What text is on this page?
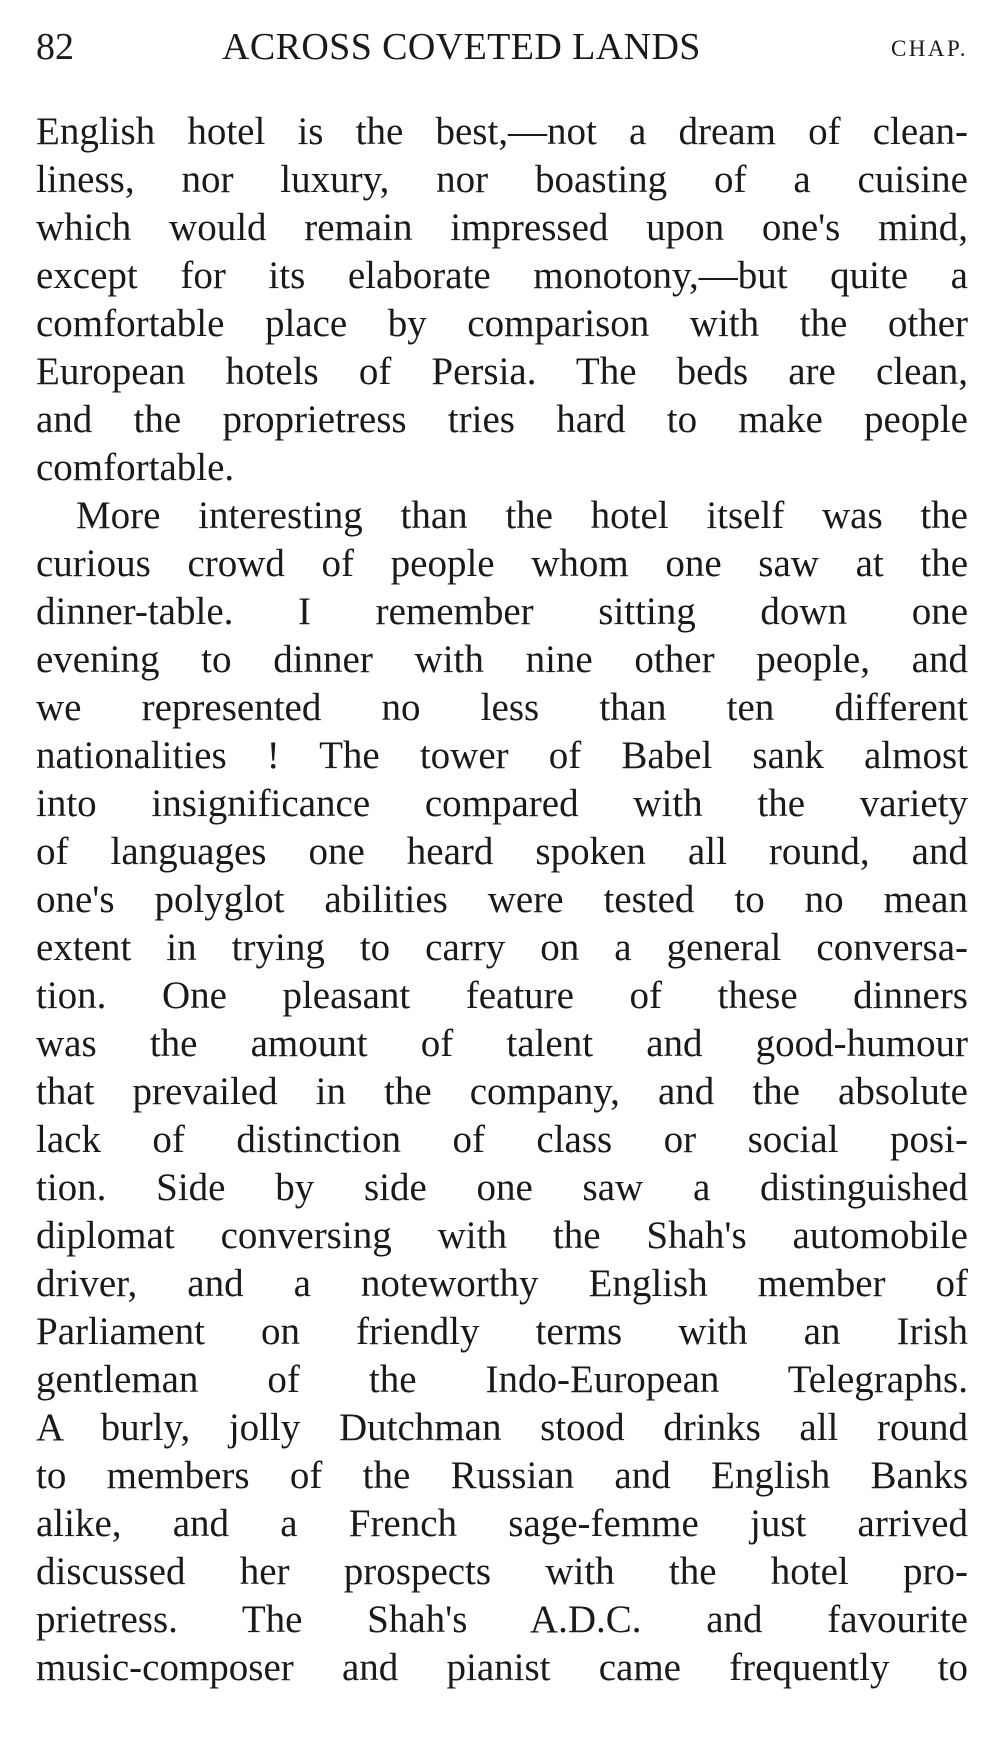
82	ACROSS COVETED LANDS	CHAP.
English hotel is the best,—not a dream of clean-
liness, nor luxury, nor boasting of a cuisine
which would remain impressed upon one's mind,
except for its elaborate monotony,—but quite a
comfortable place by comparison with the other
European hotels of Persia. The beds are clean,
and the proprietress tries hard to make people
comfortable.
More interesting than the hotel itself was the
curious crowd of people whom one saw at the
dinner-table. I remember sitting down one
evening to dinner with nine other people, and
we represented no less than ten different
nationalities ! The tower of Babel sank almost
into insignificance compared with the variety
of languages one heard spoken all round, and
one's polyglot abilities were tested to no mean
extent in trying to carry on a general conversa-
tion. One pleasant feature of these dinners
was the amount of talent and good-humour
that prevailed in the company, and the absolute
lack of distinction of class or social posi-
tion. Side by side one saw a distinguished
diplomat conversing with the Shah's automobile
driver, and a noteworthy English member of
Parliament on friendly terms with an Irish
gentleman of the Indo-European Telegraphs.
A burly, jolly Dutchman stood drinks all round
to members of the Russian and English Banks
alike, and a French sage-femme just arrived
discussed her prospects with the hotel pro-
prietress. The Shah's A.D.C. and favourite
music-composer and pianist came frequently to
